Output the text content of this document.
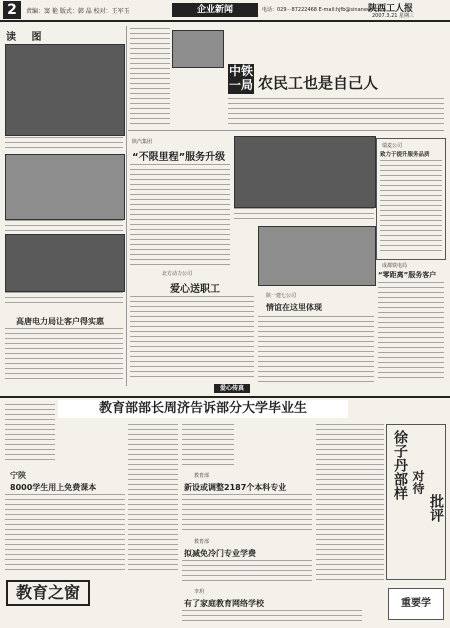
2	责编：窦 艳 版式：韩 晶 校对：王军玉	企业新闻	电话：029－87222468 E-mail:hjfb@sinanews.com
陕西工人报
2007.3.21 星期三
读 图
高唐电力局让客户得实惠
中铁
一局 农民工也是自己人
陕汽集团
“不限里程”服务升级
瑞麦公司
致力于提升服务品质
成都铁电局
“零距离”服务客户
北方动力公司
爱心送职工
爱心传真
陕一建七公司
情谊在这里体现
教育部部长周济告诉部分大学毕业生
宁陕
8000学生用上免费课本
教育之窗
教育部
新设或调整2187个本科专业
教育部
拟减免冷门专业学费
李玥
有了家庭教育网络学校
徐子丹部样 对待
批评
重要学
